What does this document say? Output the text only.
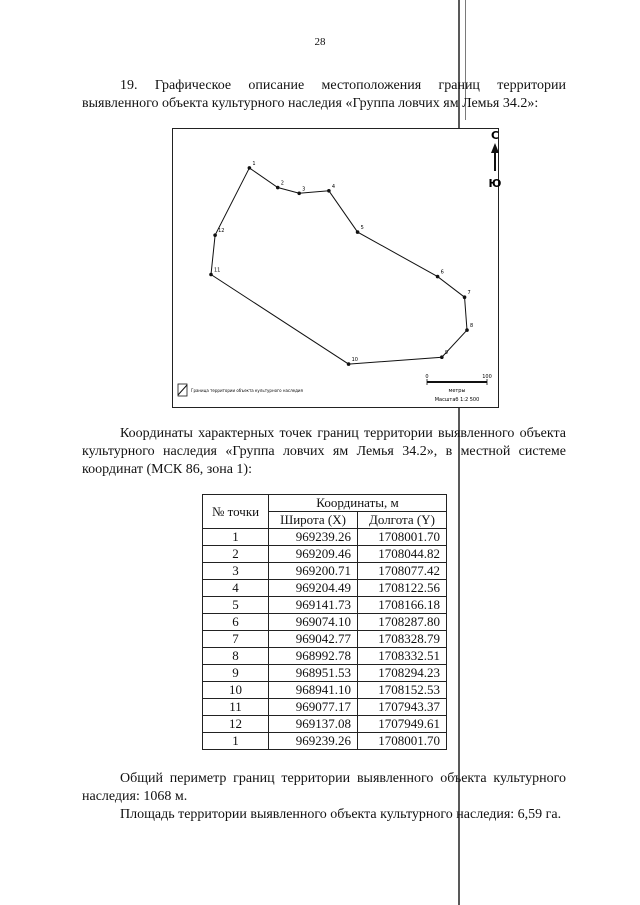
28

19. Графическое описание местоположения границ территории выявленного объекта культурного наследия «Группа ловчих ям Лемья 34.2»:

1
2
3	4
5
6
7
8
9
10
11
12
С
Ю
Граница территории объекта культурного наследия
0	100
метры
Масштаб 1:2 500

Координаты характерных точек границ территории выявленного объекта культурного наследия «Группа ловчих ям Лемья 34.2», в местной системе координат (МСК 86, зона 1):

№ точки	Координаты, м	
	Широта (X)	Долгота (Y)
1	969239.26	1708001.70
2	969209.46	1708044.82
3	969200.71	1708077.42
4	969204.49	1708122.56
5	969141.73	1708166.18
6	969074.10	1708287.80
7	969042.77	1708328.79
8	968992.78	1708332.51
9	968951.53	1708294.23
10	968941.10	1708152.53
11	969077.17	1707943.37
12	969137.08	1707949.61
1	969239.26	1708001.70

Общий периметр границ территории выявленного объекта культурного наследия: 1068 м.

Площадь территории выявленного объекта культурного наследия: 6,59 га.
